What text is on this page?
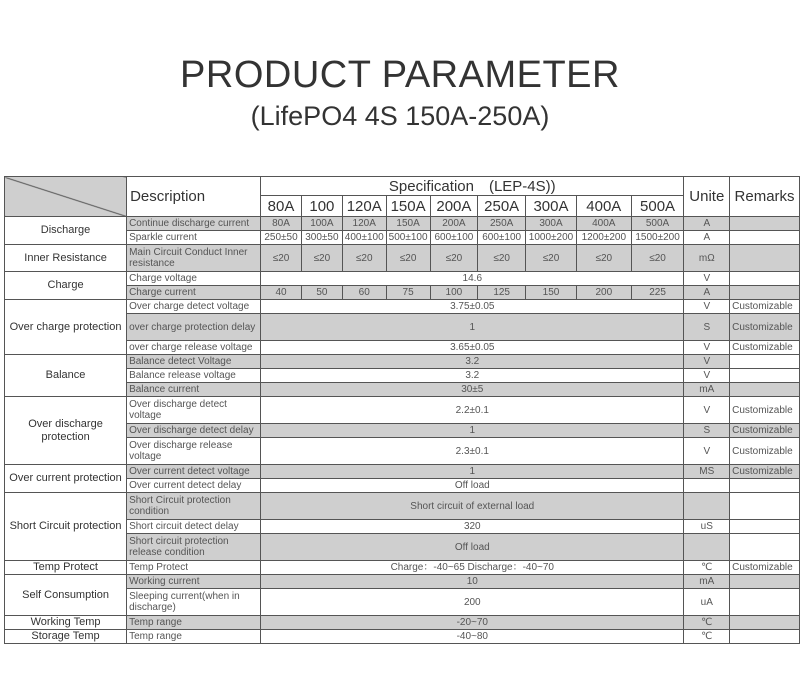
PRODUCT PARAMETER
(LifePO4 4S 150A-250A)
	Description	Specification　(LEP-4S))									Unite	Remarks
		80A	100	120A	150A	200A	250A	300A	400A	500A		
Discharge	Continue discharge current	80A	100A	120A	150A	200A	250A	300A	400A	500A	A	
	Sparkle current	250±50	300±50	400±100	500±100	600±100	600±100	1000±200	1200±200	1500±200	A	
Inner Resistance	Main Circuit Conduct Inner resistance	≤20	≤20	≤20	≤20	≤20	≤20	≤20	≤20	≤20	mΩ	
Charge	Charge voltage	14.6									V	
	Charge current	40	50	60	75	100	125	150	200	225	A	
Over charge protection	Over charge detect voltage	3.75±0.05									V	Customizable
	over charge protection delay	1									S	Customizable
	over charge release voltage	3.65±0.05									V	Customizable
Balance	Balance detect Voltage	3.2									V	
	Balance release voltage	3.2									V	
	Balance current	30±5									mA	
Over discharge protection	Over discharge detect voltage	2.2±0.1									V	Customizable
	Over discharge detect delay	1									S	Customizable
	Over discharge release voltage	2.3±0.1									V	Customizable
Over current protection	Over current detect voltage	1									MS	Customizable
	Over current detect delay	Off load										
Short Circuit protection	Short Circuit protection condition	Short circuit of external load										
	Short circuit detect delay	320									uS	
	Short circuit protection release condition	Off load										
Temp Protect	Temp Protect	Charge：-40~65 Discharge：-40~70									℃	Customizable
Self Consumption	Working current	10									mA	
	Sleeping current(when in discharge)	200									uA	
Working Temp	Temp range	-20~70									℃	
Storage Temp	Temp range	-40~80									℃	
